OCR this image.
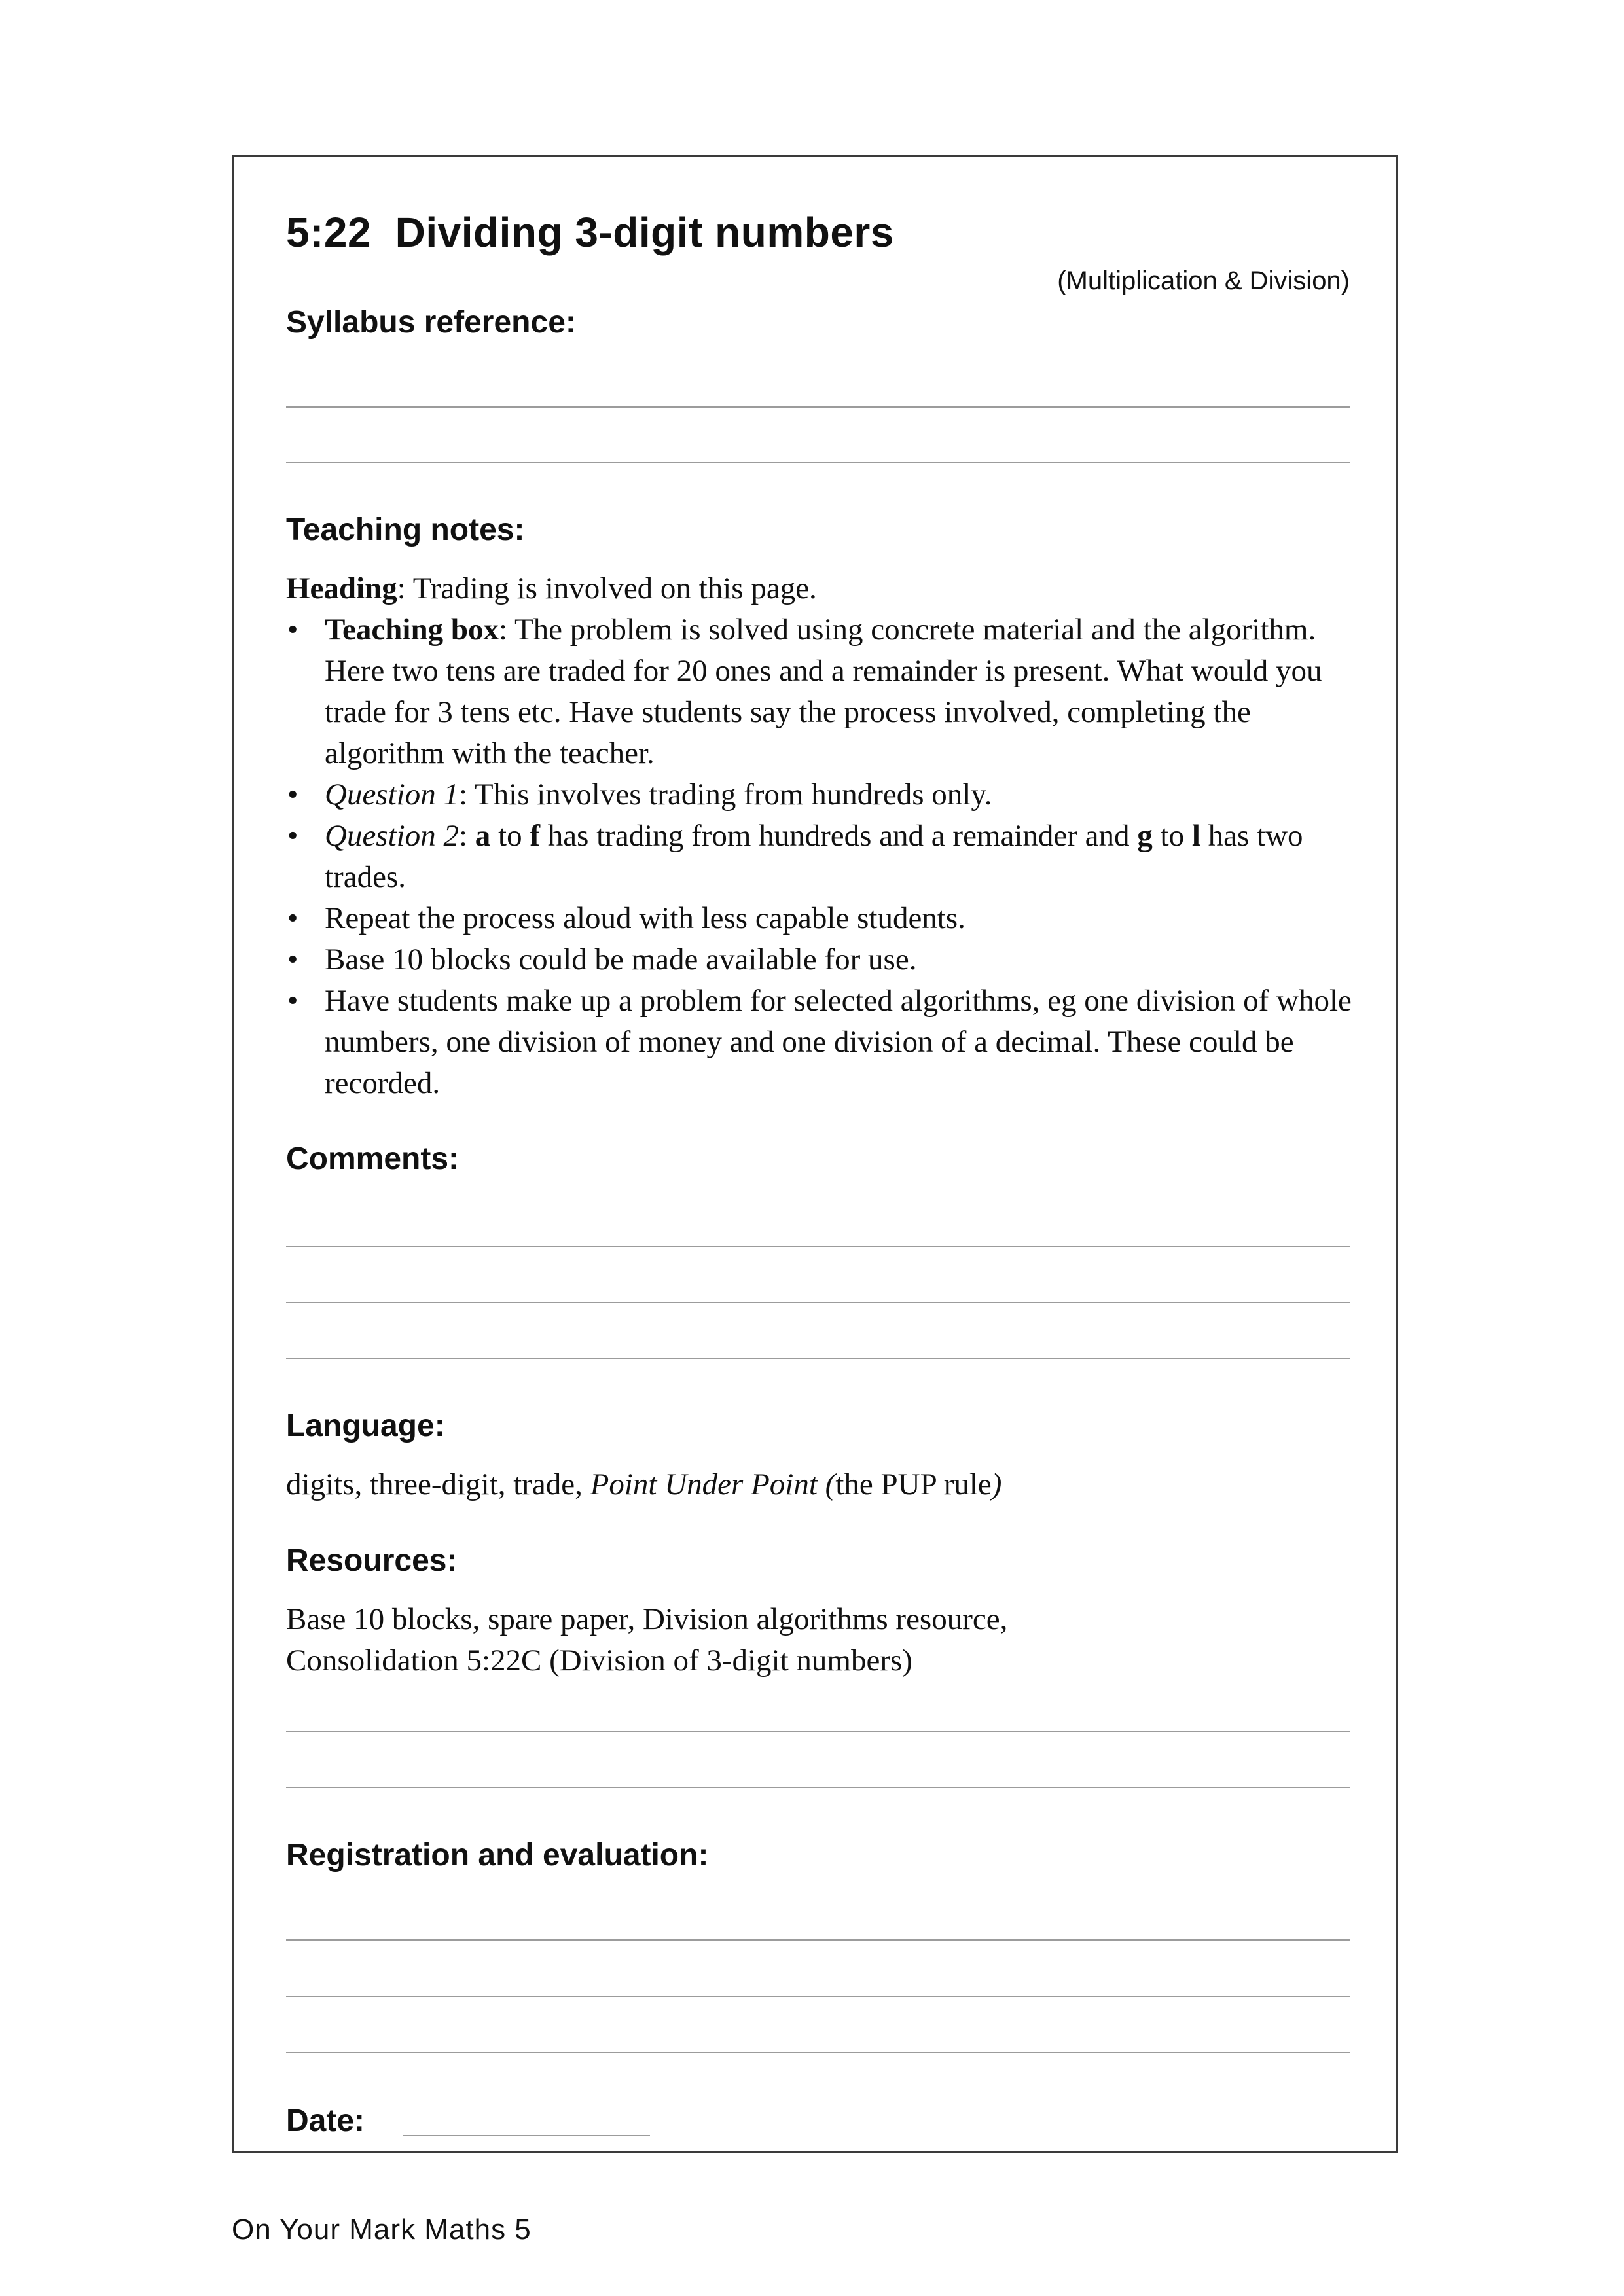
5:22  Dividing 3-digit numbers
(Multiplication & Division)
Syllabus reference:
Teaching notes:
Heading: Trading is involved on this page.
• Teaching box: The problem is solved using concrete material and the algorithm. Here two tens are traded for 20 ones and a remainder is present. What would you trade for 3 tens etc. Have students say the process involved, completing the algorithm with the teacher.
• Question 1: This involves trading from hundreds only.
• Question 2: a to f has trading from hundreds and a remainder and g to l has two trades.
• Repeat the process aloud with less capable students.
• Base 10 blocks could be made available for use.
• Have students make up a problem for selected algorithms, eg one division of whole numbers, one division of money and one division of a decimal. These could be recorded.
Comments:
Language:
digits, three-digit, trade, Point Under Point (the PUP rule)
Resources:
Base 10 blocks, spare paper, Division algorithms resource,
Consolidation 5:22C (Division of 3-digit numbers)
Registration and evaluation:
Date:
On Your Mark Maths 5
